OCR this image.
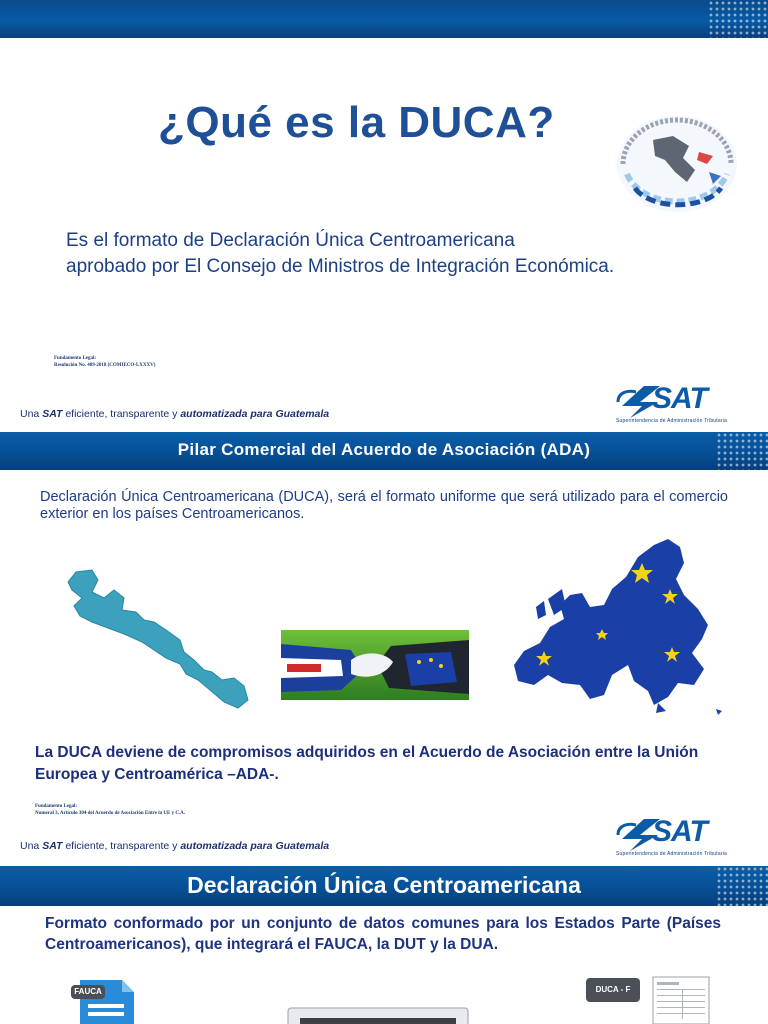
¿Qué es la DUCA?
Es el formato de Declaración Única Centroamericana
aprobado por El Consejo de Ministros de Integración Económica.
Fundamento Legal:
Resolución No. 409-2018 (COMIECO-LXXXV)
Una SAT eficiente, transparente y automatizada para Guatemala	SAT
Superintendencia de Administración Tributaria
Pilar Comercial del Acuerdo de Asociación (ADA)
Declaración Única Centroamericana (DUCA), será el formato uniforme que será utilizado para el comercio exterior en los países Centroamericanos.
La DUCA deviene de compromisos adquiridos en el Acuerdo de Asociación entre la Unión Europea y Centroamérica –ADA-.
Fundamento Legal:
Numeral 3, Artículo 304 del Acuerdo de Asociación Entre la UE y C.A.
Una SAT eficiente, transparente y automatizada para Guatemala	SAT
Superintendencia de Administración Tributaria
Declaración Única Centroamericana
Formato conformado por un conjunto de datos comunes para los Estados Parte (Países Centroamericanos), que integrará el FAUCA, la DUT y la DUA.
FAUCA	DUCA - F
